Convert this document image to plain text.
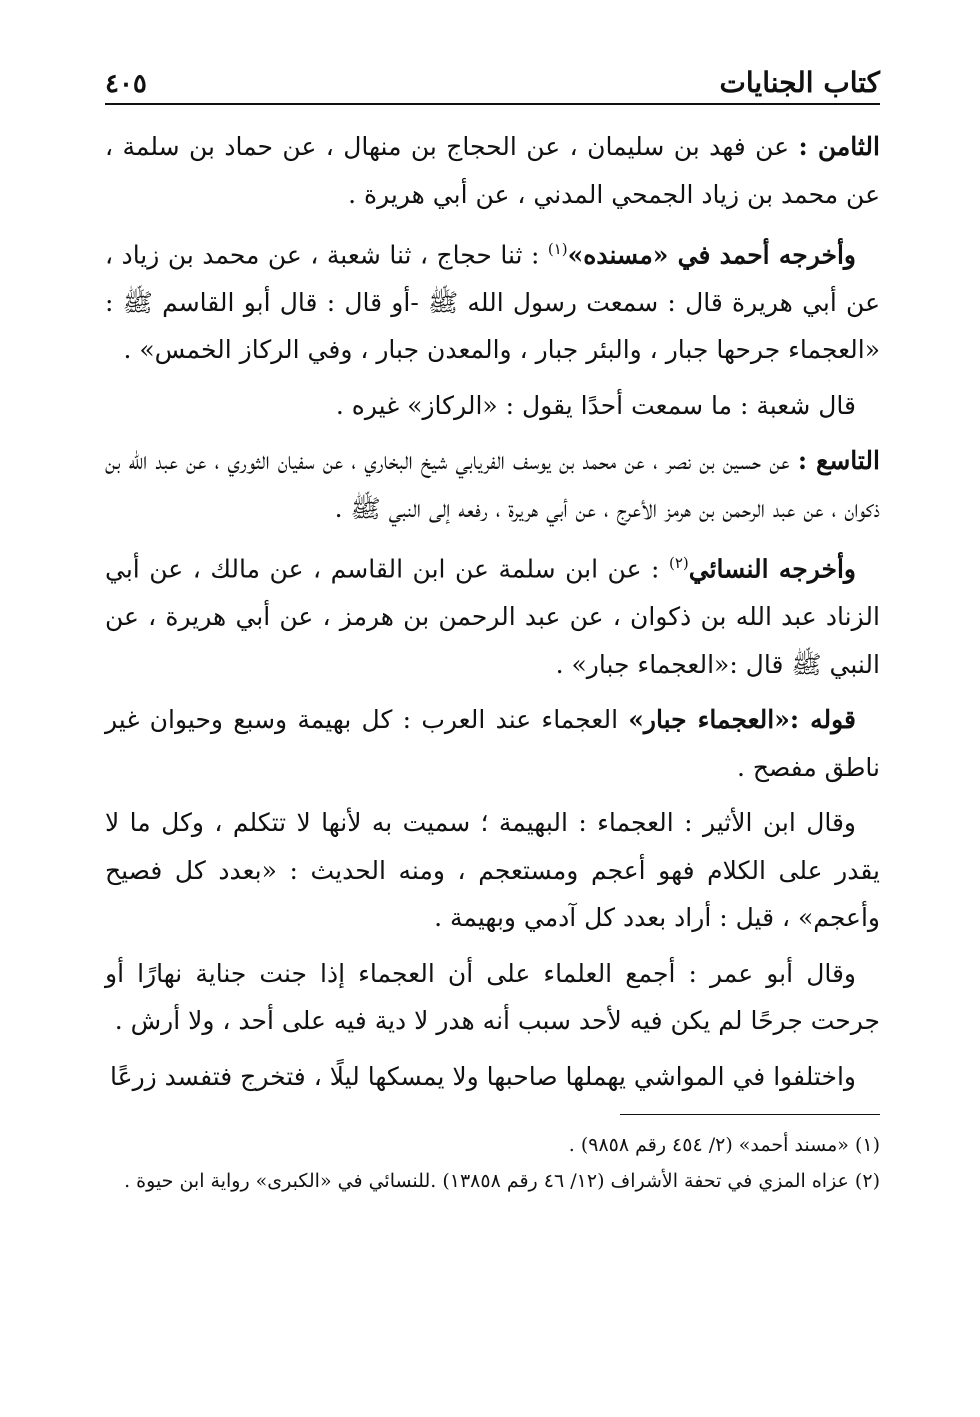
كتاب الجنايات
٤٠٥

الثامن : عن فهد بن سليمان ، عن الحجاج بن منهال ، عن حماد بن سلمة ، عن محمد بن زياد الجمحي المدني ، عن أبي هريرة .

وأخرجه أحمد في «مسنده»$^{(١)}$ : ثنا حجاج ، ثنا شعبة ، عن محمد بن زياد ، عن أبي هريرة قال : سمعت رسول الله ﷺ -أو قال : قال أبو القاسم ﷺ : «العجماء جرحها جبار ، والبئر جبار ، والمعدن جبار ، وفي الركاز الخمس» .

قال شعبة : ما سمعت أحدًا يقول : «الركاز» غيره .

التاسع : عن حسين بن نصر ، عن محمد بن يوسف الفريابي شيخ البخاري ، عن سفيان الثوري ، عن عبد الله بن ذكوان ، عن عبد الرحمن بن هرمز الأعرج ، عن أبي هريرة ، رفعه إلى النبي ﷺ .

وأخرجه النسائي$^{(٢)}$ : عن ابن سلمة عن ابن القاسم ، عن مالك ، عن أبي الزناد عبد الله بن ذكوان ، عن عبد الرحمن بن هرمز ، عن أبي هريرة ، عن النبي ﷺ قال :«العجماء جبار» .

قوله :«العجماء جبار» العجماء عند العرب : كل بهيمة وسبع وحيوان غير ناطق مفصح .

وقال ابن الأثير : العجماء : البهيمة ؛ سميت به لأنها لا تتكلم ، وكل ما لا يقدر على الكلام فهو أعجم ومستعجم ، ومنه الحديث : «بعدد كل فصيح وأعجم» ، قيل : أراد بعدد كل آدمي وبهيمة .

وقال أبو عمر : أجمع العلماء على أن العجماء إذا جنت جناية نهارًا أو جرحت جرحًا لم يكن فيه لأحد سبب أنه هدر لا دية فيه على أحد ، ولا أرش .

واختلفوا في المواشي يهملها صاحبها ولا يمسكها ليلًا ، فتخرج فتفسد زرعًا

(١) «مسند أحمد» (٢/ ٤٥٤ رقم ٩٨٥٨) .
(٢) عزاه المزي في تحفة الأشراف (١٢/ ٤٦ رقم ١٣٨٥٨) .للنسائي في «الكبرى» رواية ابن حيوة .
